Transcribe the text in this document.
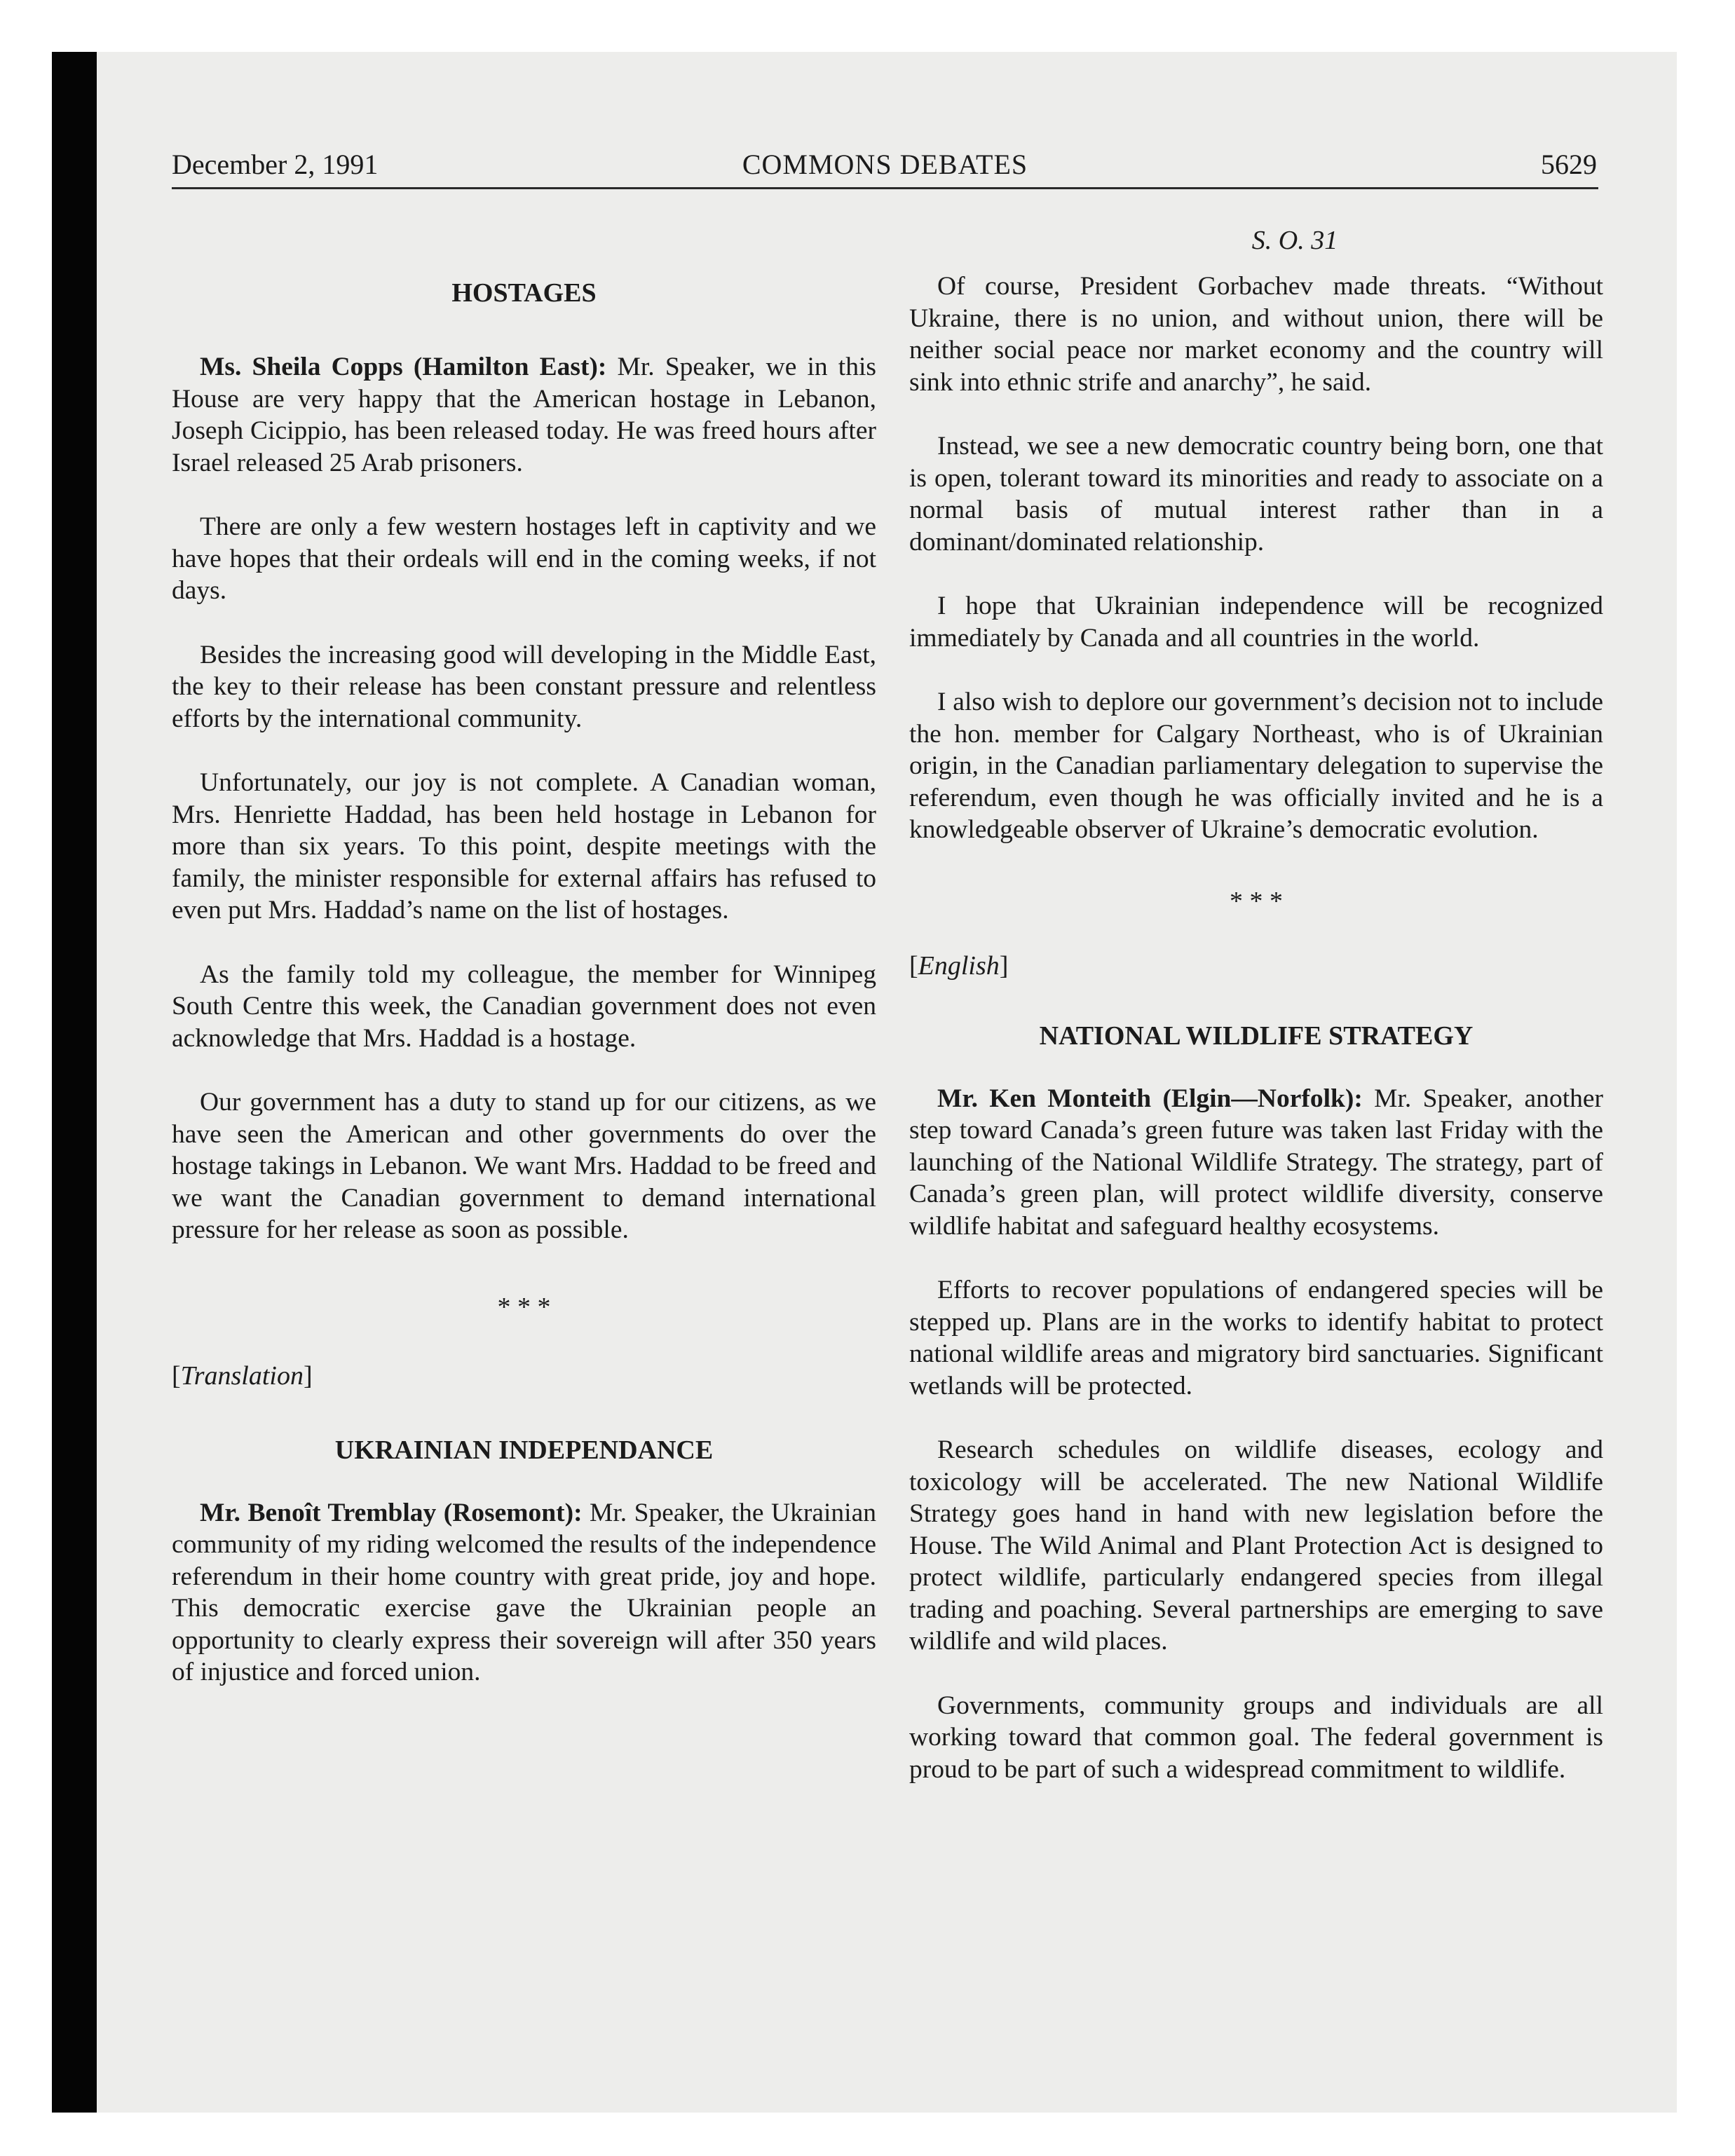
December 2, 1991	COMMONS DEBATES	5629
HOSTAGES

Ms. Sheila Copps (Hamilton East): Mr. Speaker, we in this House are very happy that the American hostage in Lebanon, Joseph Cicippio, has been released today. He was freed hours after Israel released 25 Arab prisoners.

There are only a few western hostages left in captivity and we have hopes that their ordeals will end in the coming weeks, if not days.

Besides the increasing good will developing in the Middle East, the key to their release has been constant pressure and relentless efforts by the international community.

Unfortunately, our joy is not complete. A Canadian woman, Mrs. Henriette Haddad, has been held hostage in Lebanon for more than six years. To this point, despite meetings with the family, the minister responsible for external affairs has refused to even put Mrs. Haddad’s name on the list of hostages.

As the family told my colleague, the member for Winnipeg South Centre this week, the Canadian government does not even acknowledge that Mrs. Haddad is a hostage.

Our government has a duty to stand up for our citizens, as we have seen the American and other governments do over the hostage takings in Lebanon. We want Mrs. Haddad to be freed and we want the Canadian government to demand international pressure for her release as soon as possible.

* * *
[Translation]
UKRAINIAN INDEPENDANCE

Mr. Benoît Tremblay (Rosemont): Mr. Speaker, the Ukrainian community of my riding welcomed the results of the independence referendum in their home country with great pride, joy and hope. This democratic exercise gave the Ukrainian people an opportunity to clearly express their sovereign will after 350 years of injustice and forced union.

S. O. 31

Of course, President Gorbachev made threats. “Without Ukraine, there is no union, and without union, there will be neither social peace nor market economy and the country will sink into ethnic strife and anarchy”, he said.

Instead, we see a new democratic country being born, one that is open, tolerant toward its minorities and ready to associate on a normal basis of mutual interest rather than in a dominant/dominated relationship.

I hope that Ukrainian independence will be recognized immediately by Canada and all countries in the world.

I also wish to deplore our government’s decision not to include the hon. member for Calgary Northeast, who is of Ukrainian origin, in the Canadian parliamentary delegation to supervise the referendum, even though he was officially invited and he is a knowledgeable observer of Ukraine’s democratic evolution.

* * *
[English]
NATIONAL WILDLIFE STRATEGY

Mr. Ken Monteith (Elgin—Norfolk): Mr. Speaker, another step toward Canada’s green future was taken last Friday with the launching of the National Wildlife Strategy. The strategy, part of Canada’s green plan, will protect wildlife diversity, conserve wildlife habitat and safeguard healthy ecosystems.

Efforts to recover populations of endangered species will be stepped up. Plans are in the works to identify habitat to protect national wildlife areas and migratory bird sanctuaries. Significant wetlands will be protected.

Research schedules on wildlife diseases, ecology and toxicology will be accelerated. The new National Wildlife Strategy goes hand in hand with new legislation before the House. The Wild Animal and Plant Protection Act is designed to protect wildlife, particularly endangered species from illegal trading and poaching. Several partnerships are emerging to save wildlife and wild places.

Governments, community groups and individuals are all working toward that common goal. The federal government is proud to be part of such a widespread commitment to wildlife.
